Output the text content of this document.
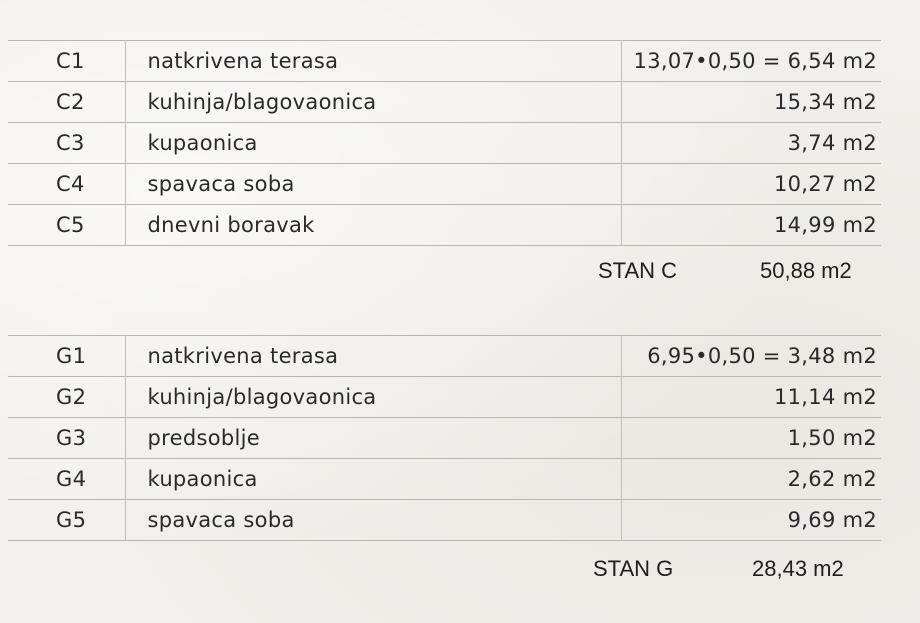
C1	natkrivena terasa	13,07•0,50 = 6,54 m2
C2	kuhinja/blagovaonica	15,34 m2
C3	kupaonica	3,74 m2
C4	spavaca soba	10,27 m2
C5	dnevni boravak	14,99 m2
STAN C	50,88 m2
G1	natkrivena terasa	6,95•0,50 = 3,48 m2
G2	kuhinja/blagovaonica	11,14 m2
G3	predsoblje	1,50 m2
G4	kupaonica	2,62 m2
G5	spavaca soba	9,69 m2
STAN G	28,43 m2
